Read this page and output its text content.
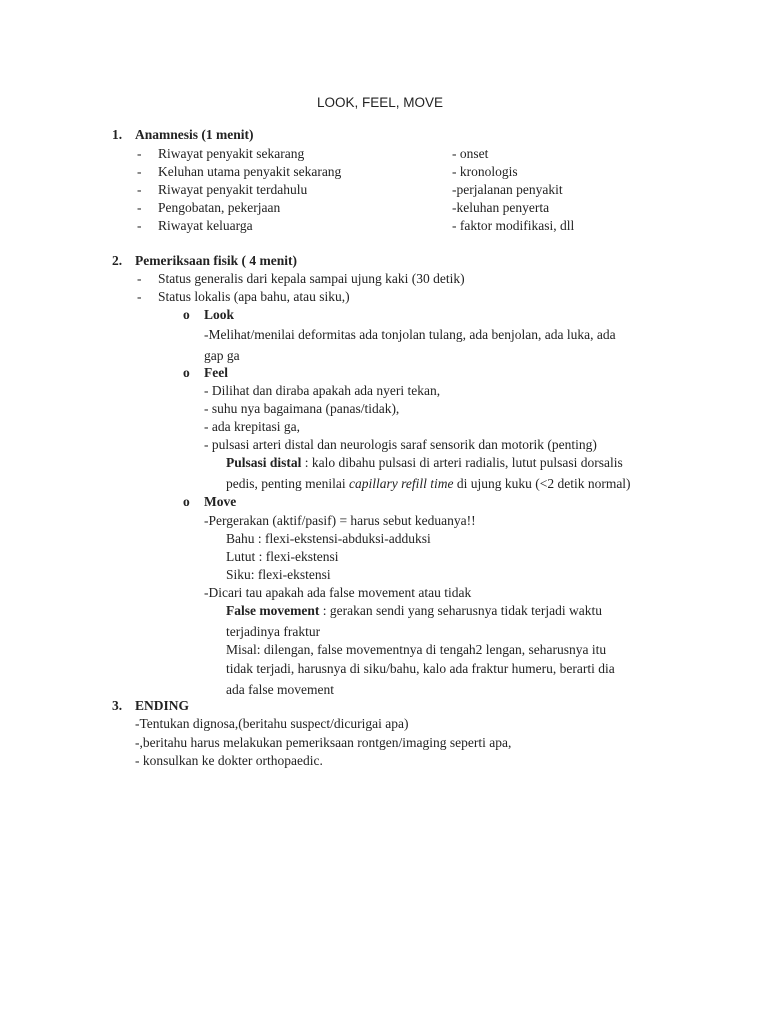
LOOK, FEEL, MOVE
1. Anamnesis (1 menit)
- Riwayat penyakit sekarang	- onset
- Keluhan utama penyakit sekarang	- kronologis
- Riwayat penyakit terdahulu	-perjalanan penyakit
- Pengobatan, pekerjaan	-keluhan penyerta
- Riwayat keluarga	- faktor modifikasi, dll
2. Pemeriksaan fisik ( 4 menit)
- Status generalis dari kepala sampai ujung kaki (30 detik)
- Status lokalis (apa bahu, atau siku,)
o Look
-Melihat/menilai deformitas ada tonjolan tulang, ada benjolan, ada luka, ada
gap ga
o Feel
- Dilihat dan diraba apakah ada nyeri tekan,
- suhu nya bagaimana (panas/tidak),
- ada krepitasi ga,
- pulsasi arteri distal dan neurologis saraf sensorik dan motorik (penting)
Pulsasi distal : kalo dibahu pulsasi di arteri radialis, lutut pulsasi dorsalis
pedis, penting menilai capillary refill time di ujung kuku (<2 detik normal)
o Move
-Pergerakan (aktif/pasif) = harus sebut keduanya!!
Bahu : flexi-ekstensi-abduksi-adduksi
Lutut : flexi-ekstensi
Siku: flexi-ekstensi
-Dicari tau apakah ada false movement atau tidak
False movement : gerakan sendi yang seharusnya tidak terjadi waktu
terjadinya fraktur
Misal: dilengan, false movementnya di tengah2 lengan, seharusnya itu
tidak terjadi, harusnya di siku/bahu, kalo ada fraktur humeru, berarti dia
ada false movement
3. ENDING
-Tentukan dignosa,(beritahu suspect/dicurigai apa)
-,beritahu harus melakukan pemeriksaan rontgen/imaging seperti apa,
- konsulkan ke dokter orthopaedic.
